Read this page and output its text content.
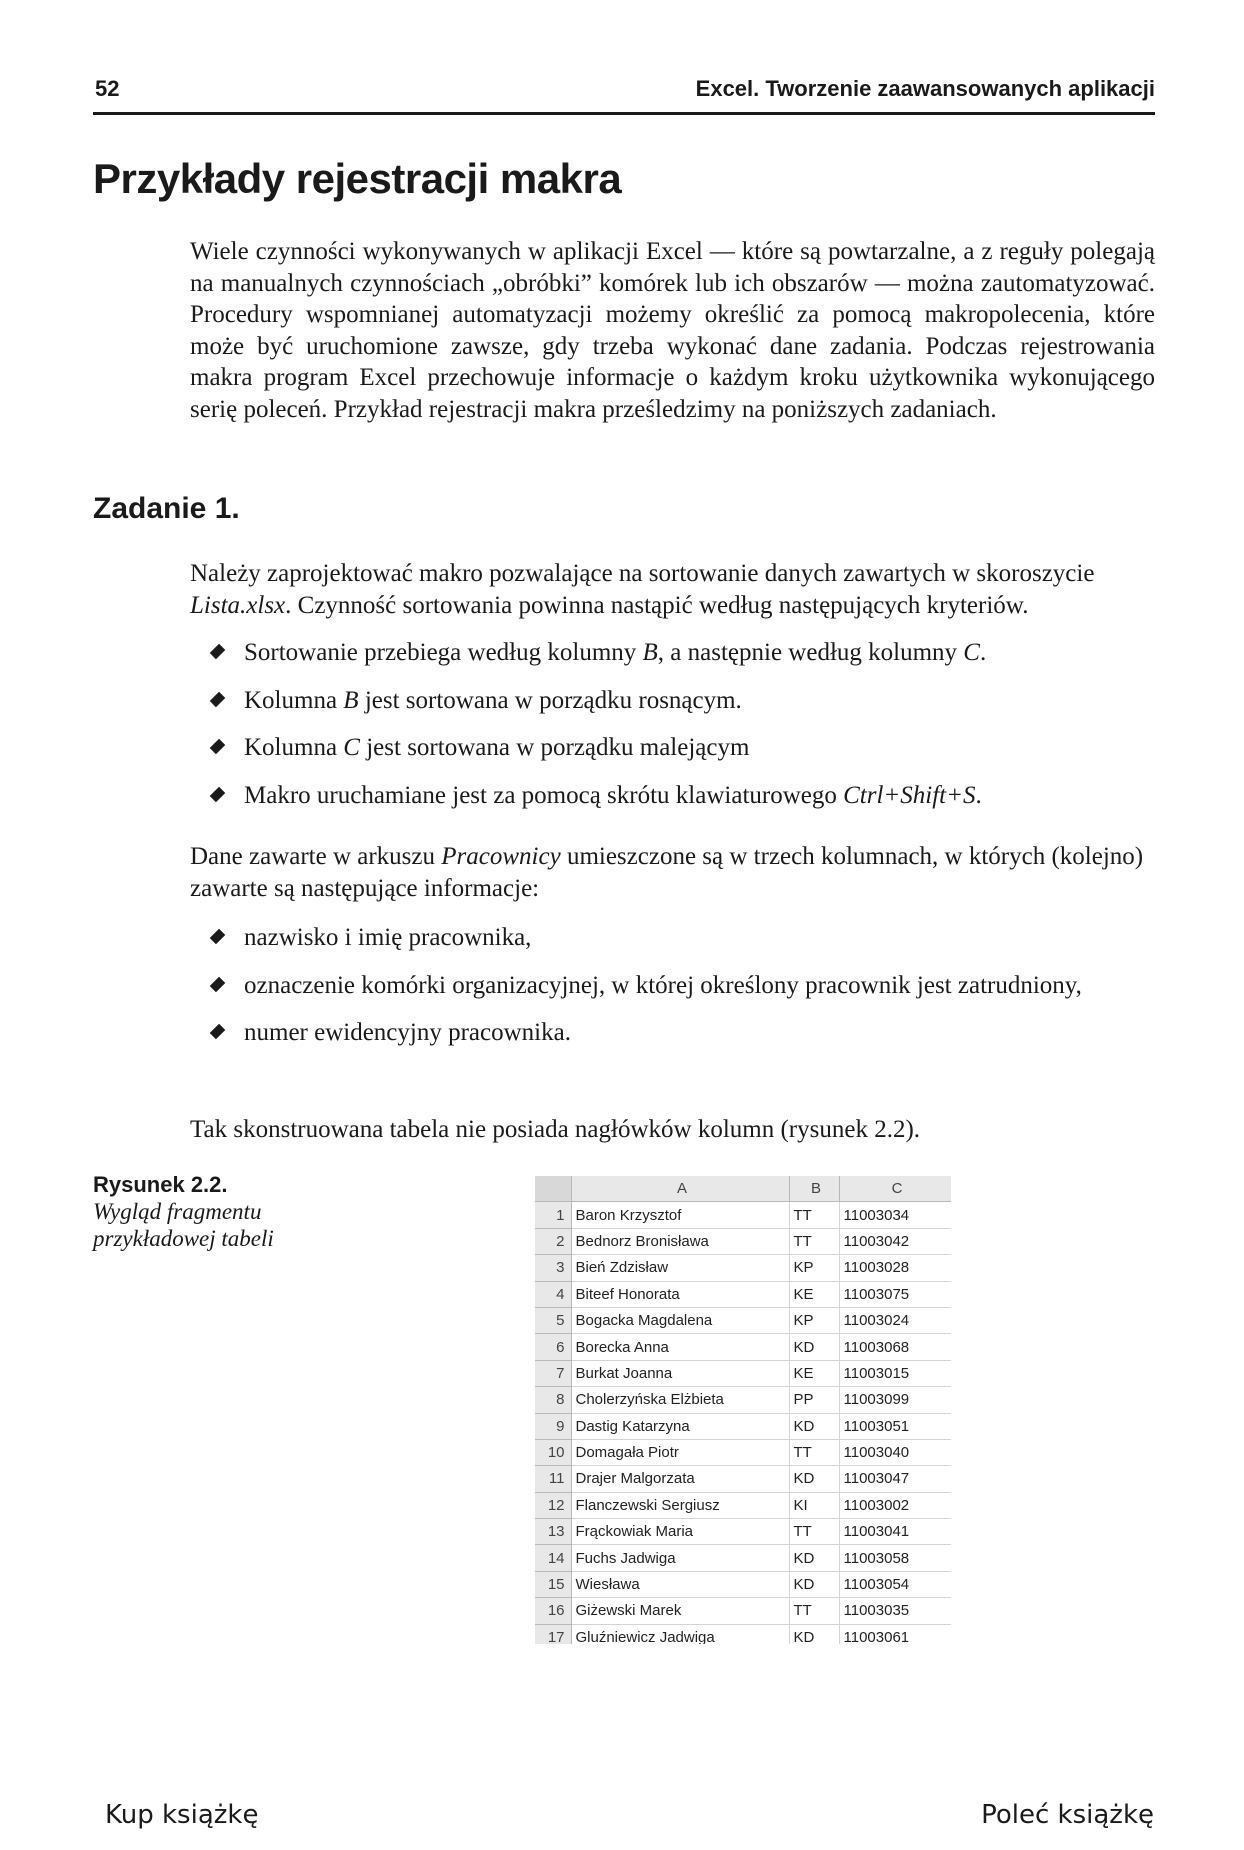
52	Excel. Tworzenie zaawansowanych aplikacji
Przykłady rejestracji makra

Wiele czynności wykonywanych w aplikacji Excel — które są powtarzalne, a z reguły polegają na manualnych czynnościach „obróbki” komórek lub ich obszarów — można zautomatyzować. Procedury wspomnianej automatyzacji możemy określić za pomocą makropolecenia, które może być uruchomione zawsze, gdy trzeba wykonać dane zadania. Podczas rejestrowania makra program Excel przechowuje informacje o każdym kroku użytkownika wykonującego serię poleceń. Przykład rejestracji makra prześledzimy na poniższych zadaniach.

Zadanie 1.

Należy zaprojektować makro pozwalające na sortowanie danych zawartych w skoroszycie Lista.xlsx. Czynność sortowania powinna nastąpić według następujących kryteriów.

Sortowanie przebiega według kolumny B, a następnie według kolumny C.
Kolumna B jest sortowana w porządku rosnącym.
Kolumna C jest sortowana w porządku malejącym
Makro uruchamiane jest za pomocą skrótu klawiaturowego Ctrl+Shift+S.

Dane zawarte w arkuszu Pracownicy umieszczone są w trzech kolumnach, w których (kolejno) zawarte są następujące informacje:

nazwisko i imię pracownika,
oznaczenie komórki organizacyjnej, w której określony pracownik jest zatrudniony,
numer ewidencyjny pracownika.

Tak skonstruowana tabela nie posiada nagłówków kolumn (rysunek 2.2).

Rysunek 2.2.
Wygląd fragmentu przykładowej tabeli
	A	B	C
1	Baron Krzysztof	TT	11003034
2	Bednorz Bronisława	TT	11003042
3	Bień Zdzisław	KP	11003028
4	Biteef Honorata	KE	11003075
5	Bogacka Magdalena	KP	11003024
6	Borecka Anna	KD	11003068
7	Burkat Joanna	KE	11003015
8	Cholerzyńska Elżbieta	PP	11003099
9	Dastig Katarzyna	KD	11003051
10	Domagała Piotr	TT	11003040
11	Drajer Malgorzata	KD	11003047
12	Flanczewski Sergiusz	KI	11003002
13	Frąckowiak Maria	TT	11003041
14	Fuchs Jadwiga	KD	11003058
15	Wiesława	KD	11003054
16	Giżewski Marek	TT	11003035
17	Gluźniewicz Jadwiga	KD	11003061
Kup książkę	Poleć książkę
